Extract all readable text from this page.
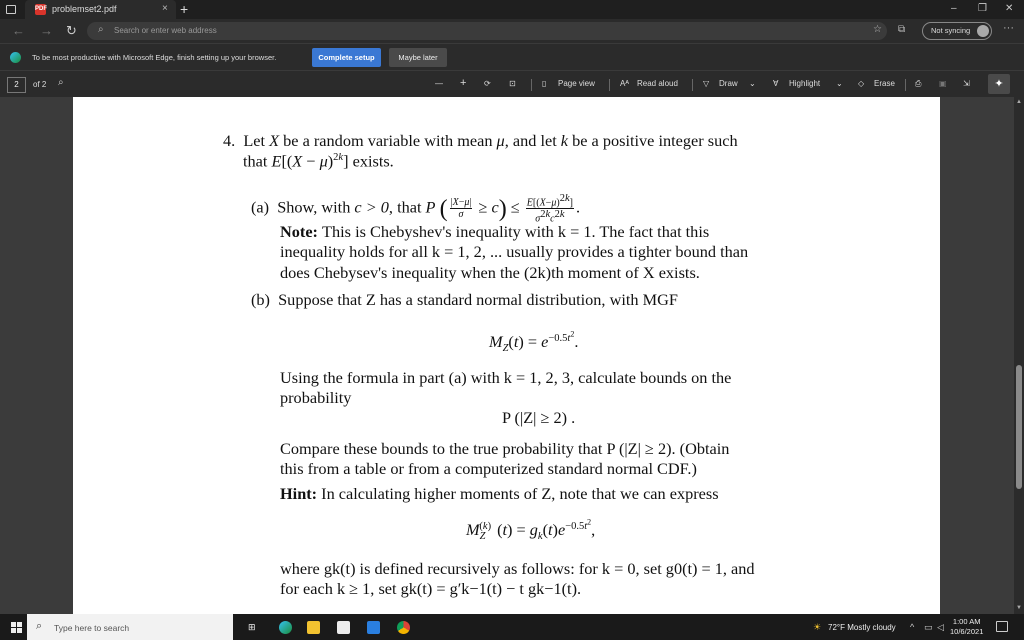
PDF problemset2.pdf	× +	– ❐ ✕
← → ↻ ⌕ Search or enter web address	☆ ⧉	Not syncing	···
To be most productive with Microsoft Edge, finish setting up your browser.	Complete setup	Maybe later
2	of 2 ⌕	— + ⟳ ⊡	▯ Page view	Aᴬ Read aloud	▽ Draw ⌄ ∀ Highlight ⌄ ◇ Erase	⎙ ▣ ⇲	✦
4. Let X be a random variable with mean μ, and let k be a positive integer such
that $E[(X - \mu)^{2k}]$ exists.
(a) Show, with c > 0, that P ( $\frac{|X-\mu|}{\sigma} \ge c) \le \frac{E[(X-\mu)^{2k}]}{\sigma^{2k}c^{2k}}$ .
Note: This is Chebyshev's inequality with k = 1. The fact that this
inequality holds for all k = 1, 2, ... usually provides a tighter bound than
does Chebysev's inequality when the (2k)th moment of X exists.
(b) Suppose that Z has a standard normal distribution, with MGF
$M_Z(t) = e^{-0.5t^2}$.
Using the formula in part (a) with k = 1, 2, 3, calculate bounds on the
probability
P (|Z| ≥ 2) .
Compare these bounds to the true probability that P (|Z| ≥ 2). (Obtain
this from a table or from a computerized standard normal CDF.)
Hint: In calculating higher moments of Z, note that we can express
$M_Z^{(k)}$ $(t) = g_k(t)e^{-0.5t^2}$,
where gk(t) is defined recursively as follows: for k = 0, set g0(t) = 1, and
for each k ≥ 1, set gk(t) = g′k−1(t) − t gk−1(t).
▲
▼
⌕ Type here to search	⊞	☀ 72°F Mostly cloudy ^ ▭ ◁
1:00 AM
10/6/2021
